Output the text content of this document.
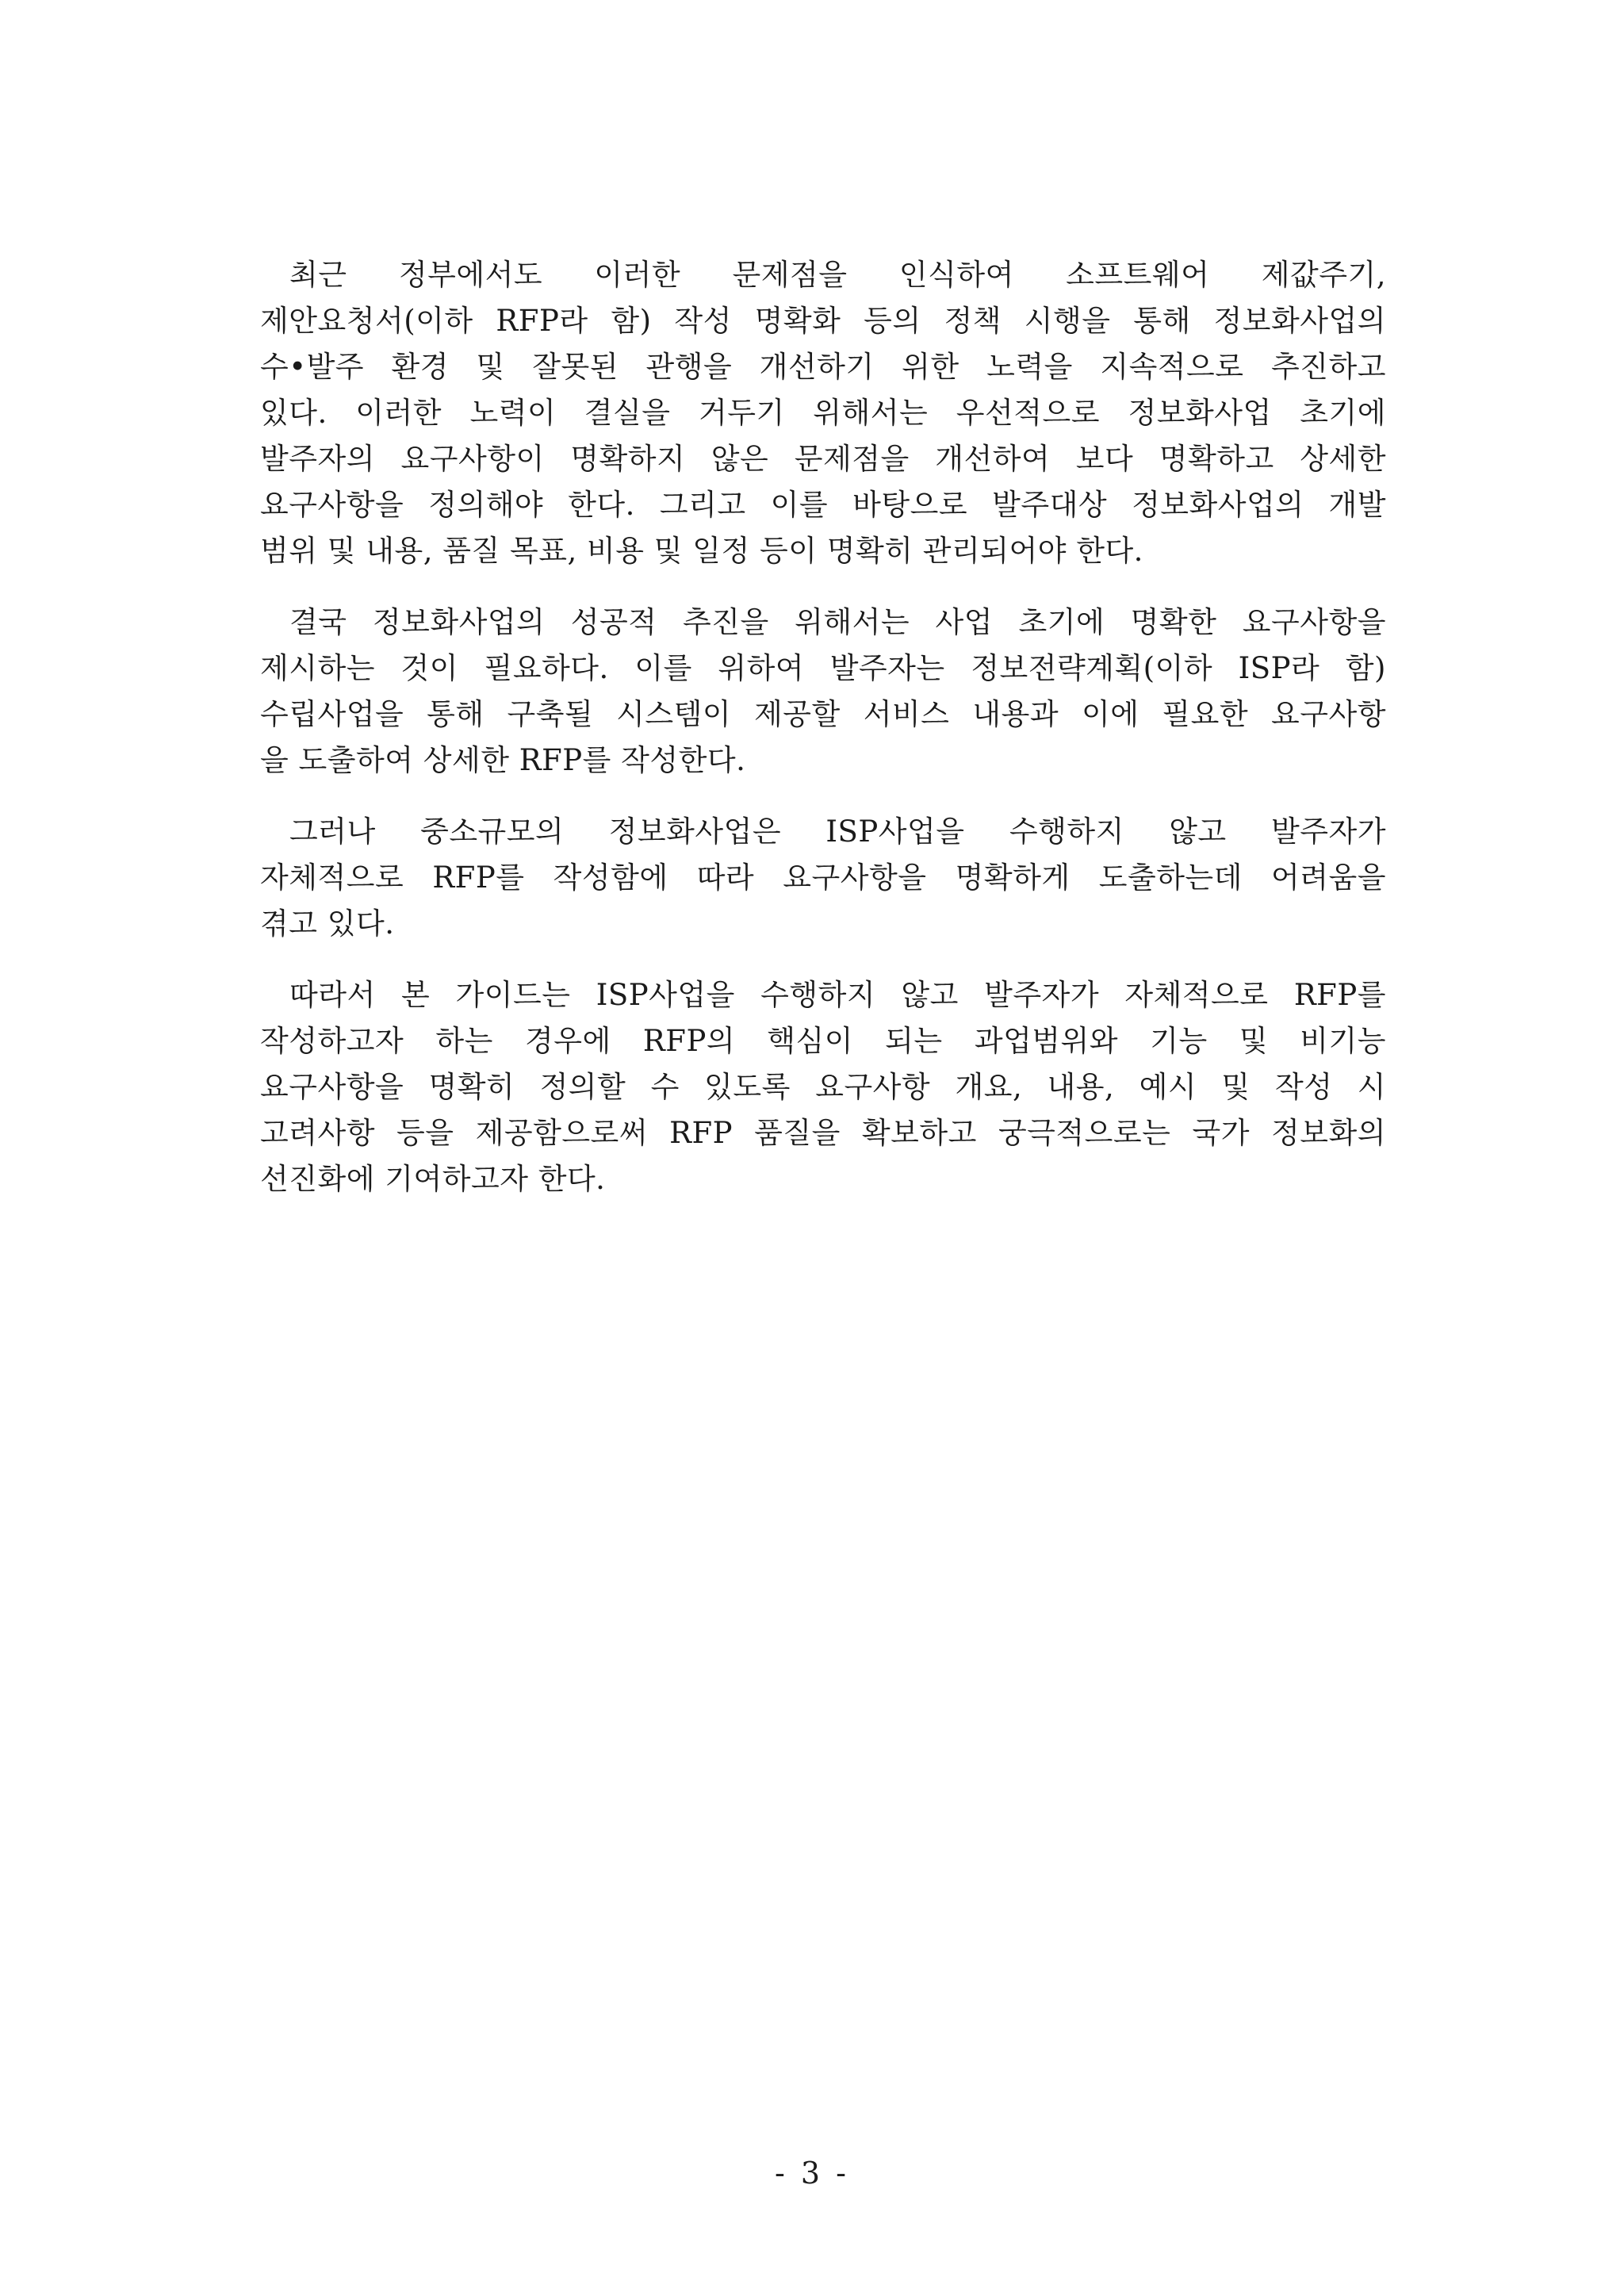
최근 정부에서도 이러한 문제점을 인식하여 소프트웨어 제값주기,
제안요청서(이하 RFP라 함) 작성 명확화 등의 정책 시행을 통해 정보화사업의
수•발주 환경 및 잘못된 관행을 개선하기 위한 노력을 지속적으로 추진하고
있다. 이러한 노력이 결실을 거두기 위해서는 우선적으로 정보화사업 초기에
발주자의 요구사항이 명확하지 않은 문제점을 개선하여 보다 명확하고 상세한
요구사항을 정의해야 한다. 그리고 이를 바탕으로 발주대상 정보화사업의 개발
범위 및 내용, 품질 목표, 비용 및 일정 등이 명확히 관리되어야 한다.
결국 정보화사업의 성공적 추진을 위해서는 사업 초기에 명확한 요구사항을
제시하는 것이 필요하다. 이를 위하여 발주자는 정보전략계획(이하 ISP라 함)
수립사업을 통해 구축될 시스템이 제공할 서비스 내용과 이에 필요한 요구사항
을 도출하여 상세한 RFP를 작성한다.
그러나 중소규모의 정보화사업은 ISP사업을 수행하지 않고 발주자가
자체적으로 RFP를 작성함에 따라 요구사항을 명확하게 도출하는데 어려움을
겪고 있다.
따라서 본 가이드는 ISP사업을 수행하지 않고 발주자가 자체적으로 RFP를
작성하고자 하는 경우에 RFP의 핵심이 되는 과업범위와 기능 및 비기능
요구사항을 명확히 정의할 수 있도록 요구사항 개요, 내용, 예시 및 작성 시
고려사항 등을 제공함으로써 RFP 품질을 확보하고 궁극적으로는 국가 정보화의
선진화에 기여하고자 한다.
- 3 -
